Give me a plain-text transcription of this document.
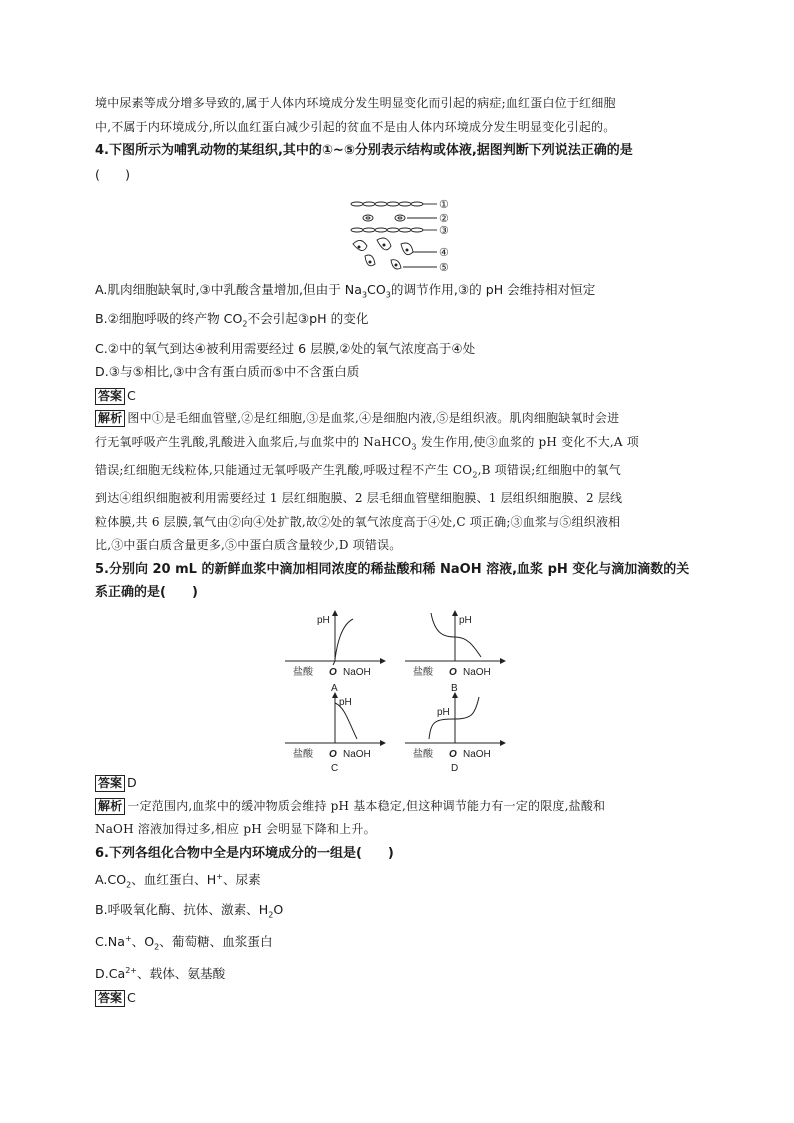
境中尿素等成分增多导致的,属于人体内环境成分发生明显变化而引起的病症;血红蛋白位于红细胞

中,不属于内环境成分,所以血红蛋白减少引起的贫血不是由人体内环境成分发生明显变化引起的。

4.下图所示为哺乳动物的某组织,其中的①~⑤分别表示结构或体液,据图判断下列说法正确的是

(　　)

①
②
③
④
⑤

A.肌肉细胞缺氧时,③中乳酸含量增加,但由于 $Na_3CO_3$的调节作用,③的 pH 会维持相对恒定

B.②细胞呼吸的终产物 $CO_2$不会引起③pH 的变化

C.②中的氧气到达④被利用需要经过 6 层膜,②处的氧气浓度高于④处

D.③与⑤相比,③中含有蛋白质而⑤中不含蛋白质

答案 C

解析 图中①是毛细血管壁,②是红细胞,③是血浆,④是细胞内液,⑤是组织液。肌肉细胞缺氧时会进

行无氧呼吸产生乳酸,乳酸进入血浆后,与血浆中的 NaHCO$_3$ 发生作用,使③血浆的 pH 变化不大,A 项

错误;红细胞无线粒体,只能通过无氧呼吸产生乳酸,呼吸过程不产生 $CO_2,B$ 项错误;红细胞中的氧气

到达④组织细胞被利用需要经过 1 层红细胞膜、2 层毛细血管壁细胞膜、1 层组织细胞膜、2 层线

粒体膜,共 6 层膜,氧气由②向④处扩散,故②处的氧气浓度高于④处,C 项正确;③血浆与⑤组织液相

比,③中蛋白质含量更多,⑤中蛋白质含量较少,D 项错误。

5.分别向 20 mL 的新鲜血浆中滴加相同浓度的稀盐酸和稀 NaOH 溶液,血浆 pH 变化与滴加滴数的关

系正确的是(　　)

pH
盐酸 O NaOH
A
pH
盐酸 O NaOH
B
pH
盐酸 O NaOH
C
pH
盐酸 O NaOH
D

答案 D

解析 一定范围内,血浆中的缓冲物质会维持 pH 基本稳定,但这种调节能力有一定的限度,盐酸和

NaOH 溶液加得过多,相应 pH 会明显下降和上升。

6.下列各组化合物中全是内环境成分的一组是(　　)

$A.CO_2$、血红蛋白、H+、尿素

B.呼吸氧化酶、抗体、激素、$H_2O$

C.Na+、$O_2$、葡萄糖、血浆蛋白

$D.Ca^{2+}$、载体、氨基酸

答案 C
